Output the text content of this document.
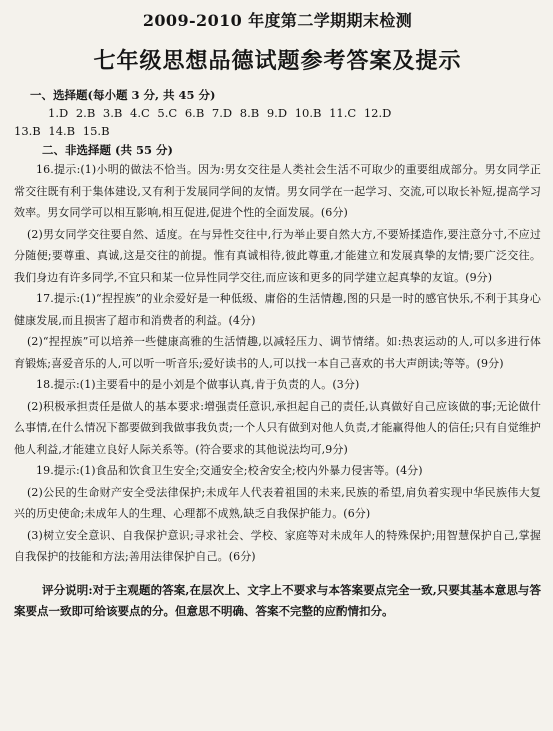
2009-2010 年度第二学期期末检测
七年级思想品德试题参考答案及提示

一、选择题(每小题 3 分, 共 45 分)

1.D 2.B 3.B 4.C 5.C 6.B 7.D 8.B 9.D 10.B 11.C 12.D

13.B 14.B 15.B

二、非选择题 (共 55 分)

16.提示:(1)小明的做法不恰当。因为:男女交往是人类社会生活不可取少的重要组成部分。男女同学正常交往既有利于集体建设,又有利于发展同学间的友情。男女同学在一起学习、交流,可以取长补短,提高学习效率。男女同学可以相互影响,相互促进,促进个性的全面发展。(6分)

(2)男女同学交往要自然、适度。在与异性交往中,行为举止要自然大方,不要矫揉造作,要注意分寸,不应过分随便;要尊重、真诚,这是交往的前提。惟有真诚相待,彼此尊重,才能建立和发展真挚的友情;要广泛交往。我们身边有许多同学,不宜只和某一位异性同学交往,而应该和更多的同学建立起真挚的友谊。(9分)

17.提示:(1)“捏捏族”的业余爱好是一种低级、庸俗的生活情趣,图的只是一时的感官快乐,不利于其身心健康发展,而且损害了超市和消费者的利益。(4分)

(2)“捏捏族”可以培养一些健康高雅的生活情趣,以减轻压力、调节情绪。如:热衷运动的人,可以多进行体育锻炼;喜爱音乐的人,可以听一听音乐;爱好读书的人,可以找一本自己喜欢的书大声朗读;等等。(9分)

18.提示:(1)主要看中的是小刘是个做事认真,肯于负责的人。(3分)

(2)积极承担责任是做人的基本要求:增强责任意识,承担起自己的责任,认真做好自己应该做的事;无论做什么事情,在什么情况下都要做到我做事我负责;一个人只有做到对他人负责,才能赢得他人的信任;只有自觉维护他人利益,才能建立良好人际关系等。(符合要求的其他说法均可,9分)

19.提示:(1)食品和饮食卫生安全;交通安全;校舍安全;校内外暴力侵害等。(4分)

(2)公民的生命财产安全受法律保护;未成年人代表着祖国的未来,民族的希望,肩负着实现中华民族伟大复兴的历史使命;未成年人的生理、心理都不成熟,缺乏自我保护能力。(6分)

(3)树立安全意识、自我保护意识;寻求社会、学校、家庭等对未成年人的特殊保护;用智慧保护自己,掌握自我保护的技能和方法;善用法律保护自己。(6分)

评分说明:对于主观题的答案,在层次上、文字上不要求与本答案要点完全一致,只要其基本意思与答案要点一致即可给该要点的分。但意思不明确、答案不完整的应酌情扣分。
